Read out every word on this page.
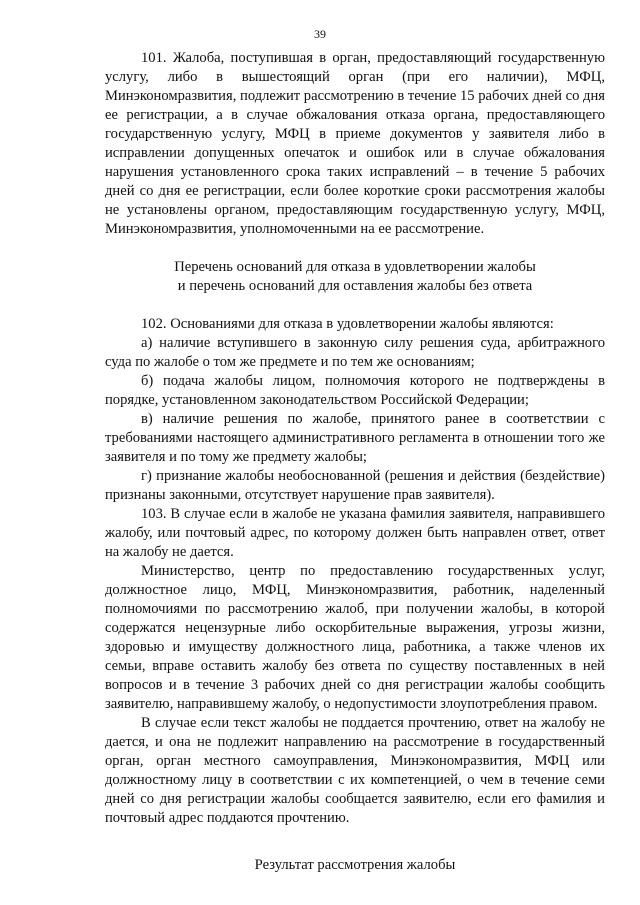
39

101. Жалоба, поступившая в орган, предоставляющий государственную услугу, либо в вышестоящий орган (при его наличии), МФЦ, Минэкономразвития, подлежит рассмотрению в течение 15 рабочих дней со дня ее регистрации, а в случае обжалования отказа органа, предоставляющего государственную услугу, МФЦ в приеме документов у заявителя либо в исправлении допущенных опечаток и ошибок или в случае обжалования нарушения установленного срока таких исправлений – в течение 5 рабочих дней со дня ее регистрации, если более короткие сроки рассмотрения жалобы не установлены органом, предоставляющим государственную услугу, МФЦ, Минэкономразвития, уполномоченными на ее рассмотрение.

Перечень оснований для отказа в удовлетворении жалобы

и перечень оснований для оставления жалобы без ответа

102. Основаниями для отказа в удовлетворении жалобы являются:

а) наличие вступившего в законную силу решения суда, арбитражного суда по жалобе о том же предмете и по тем же основаниям;

б) подача жалобы лицом, полномочия которого не подтверждены в порядке, установленном законодательством Российской Федерации;

в) наличие решения по жалобе, принятого ранее в соответствии с требованиями настоящего административного регламента в отношении того же заявителя и по тому же предмету жалобы;

г) признание жалобы необоснованной (решения и действия (бездействие) признаны законными, отсутствует нарушение прав заявителя).

103. В случае если в жалобе не указана фамилия заявителя, направившего жалобу, или почтовый адрес, по которому должен быть направлен ответ, ответ на жалобу не дается.

Министерство, центр по предоставлению государственных услуг, должностное лицо, МФЦ, Минэкономразвития, работник, наделенный полномочиями по рассмотрению жалоб, при получении жалобы, в которой содержатся нецензурные либо оскорбительные выражения, угрозы жизни, здоровью и имуществу должностного лица, работника, а также членов их семьи, вправе оставить жалобу без ответа по существу поставленных в ней вопросов и в течение 3 рабочих дней со дня регистрации жалобы сообщить заявителю, направившему жалобу, о недопустимости злоупотребления правом.

В случае если текст жалобы не поддается прочтению, ответ на жалобу не дается, и она не подлежит направлению на рассмотрение в государственный орган, орган местного самоуправления, Минэкономразвития, МФЦ или должностному лицу в соответствии с их компетенцией, о чем в течение семи дней со дня регистрации жалобы сообщается заявителю, если его фамилия и почтовый адрес поддаются прочтению.

Результат рассмотрения жалобы
